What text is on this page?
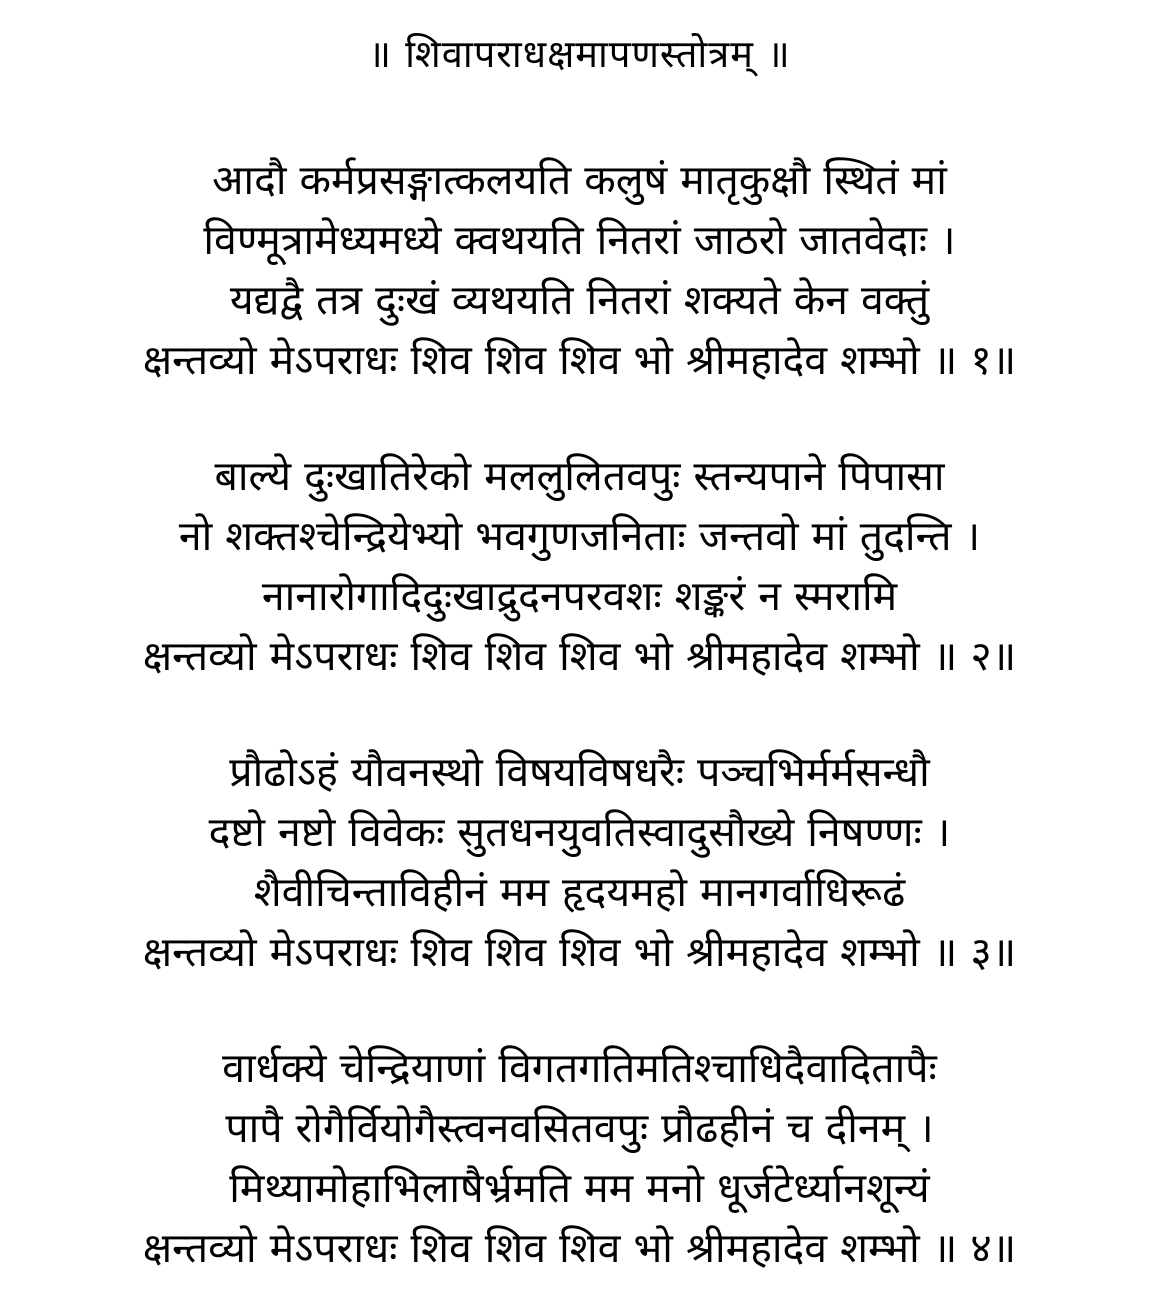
॥ शिवापराधक्षमापणस्तोत्रम् ॥

आदौ कर्मप्रसङ्गात्कलयति कलुषं मातृकुक्षौ स्थितं मां

विण्मूत्रामेध्यमध्ये क्वथयति नितरां जाठरो जातवेदाः ।

यद्यद्वै तत्र दुःखं व्यथयति नितरां शक्यते केन वक्तुं

क्षन्तव्यो मेऽपराधः शिव शिव शिव भो श्रीमहादेव शम्भो ॥ १॥

बाल्ये दुःखातिरेको मललुलितवपुः स्तन्यपाने पिपासा

नो शक्तश्चेन्द्रियेभ्यो भवगुणजनिताः जन्तवो मां तुदन्ति ।

नानारोगादिदुःखाद्रुदनपरवशः शङ्करं न स्मरामि

क्षन्तव्यो मेऽपराधः शिव शिव शिव भो श्रीमहादेव शम्भो ॥ २॥

प्रौढोऽहं यौवनस्थो विषयविषधरैः पञ्चभिर्मर्मसन्धौ

दष्टो नष्टो विवेकः सुतधनयुवतिस्वादुसौख्ये निषण्णः ।

शैवीचिन्ताविहीनं मम हृदयमहो मानगर्वाधिरूढं

क्षन्तव्यो मेऽपराधः शिव शिव शिव भो श्रीमहादेव शम्भो ॥ ३॥

वार्धक्ये चेन्द्रियाणां विगतगतिमतिश्चाधिदैवादितापैः

पापै रोगैर्वियोगैस्त्वनवसितवपुः प्रौढहीनं च दीनम् ।

मिथ्यामोहाभिलाषैर्भ्रमति मम मनो धूर्जटेर्ध्यानशून्यं

क्षन्तव्यो मेऽपराधः शिव शिव शिव भो श्रीमहादेव शम्भो ॥ ४॥
